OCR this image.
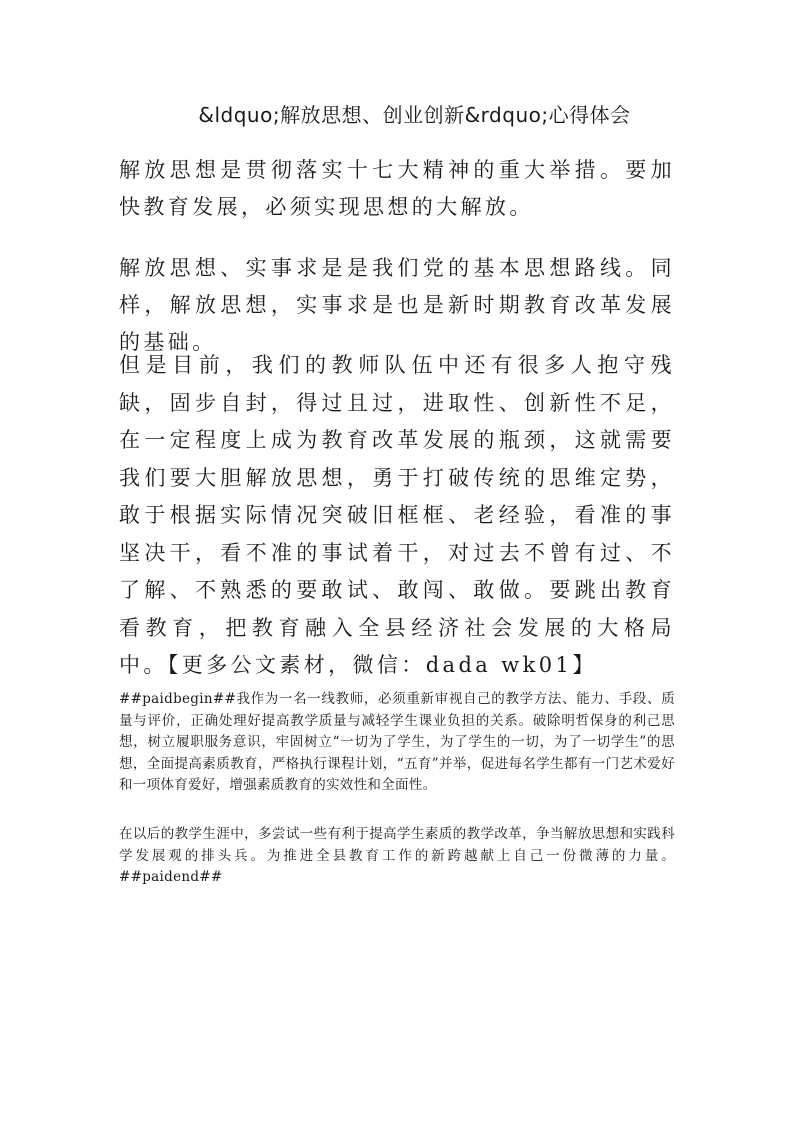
&ldquo;解放思想、创业创新&rdquo;心得体会

解放思想是贯彻落实十七大精神的重大举措。要加快教育发展，必须实现思想的大解放。

解放思想、实事求是是我们党的基本思想路线。同样，解放思想，实事求是也是新时期教育改革发展的基础。

但是目前，我们的教师队伍中还有很多人抱守残缺，固步自封，得过且过，进取性、创新性不足，在一定程度上成为教育改革发展的瓶颈，这就需要我们要大胆解放思想，勇于打破传统的思维定势，敢于根据实际情况突破旧框框、老经验，看准的事坚决干，看不准的事试着干，对过去不曾有过、不了解、不熟悉的要敢试、敢闯、敢做。要跳出教育看教育，把教育融入全县经济社会发展的大格局中。【更多公文素材，微信：dada wk01】

##paidbegin##我作为一名一线教师，必须重新审视自己的教学方法、能力、手段、质量与评价，正确处理好提高教学质量与减轻学生课业负担的关系。破除明哲保身的利己思想，树立履职服务意识，牢固树立“一切为了学生，为了学生的一切，为了一切学生”的思想，全面提高素质教育，严格执行课程计划，“五育”并举，促进每名学生都有一门艺术爱好和一项体育爱好，增强素质教育的实效性和全面性。

在以后的教学生涯中，多尝试一些有利于提高学生素质的教学改革，争当解放思想和实践科学发展观的排头兵。为推进全县教育工作的新跨越献上自己一份微薄的力量。##paidend##
